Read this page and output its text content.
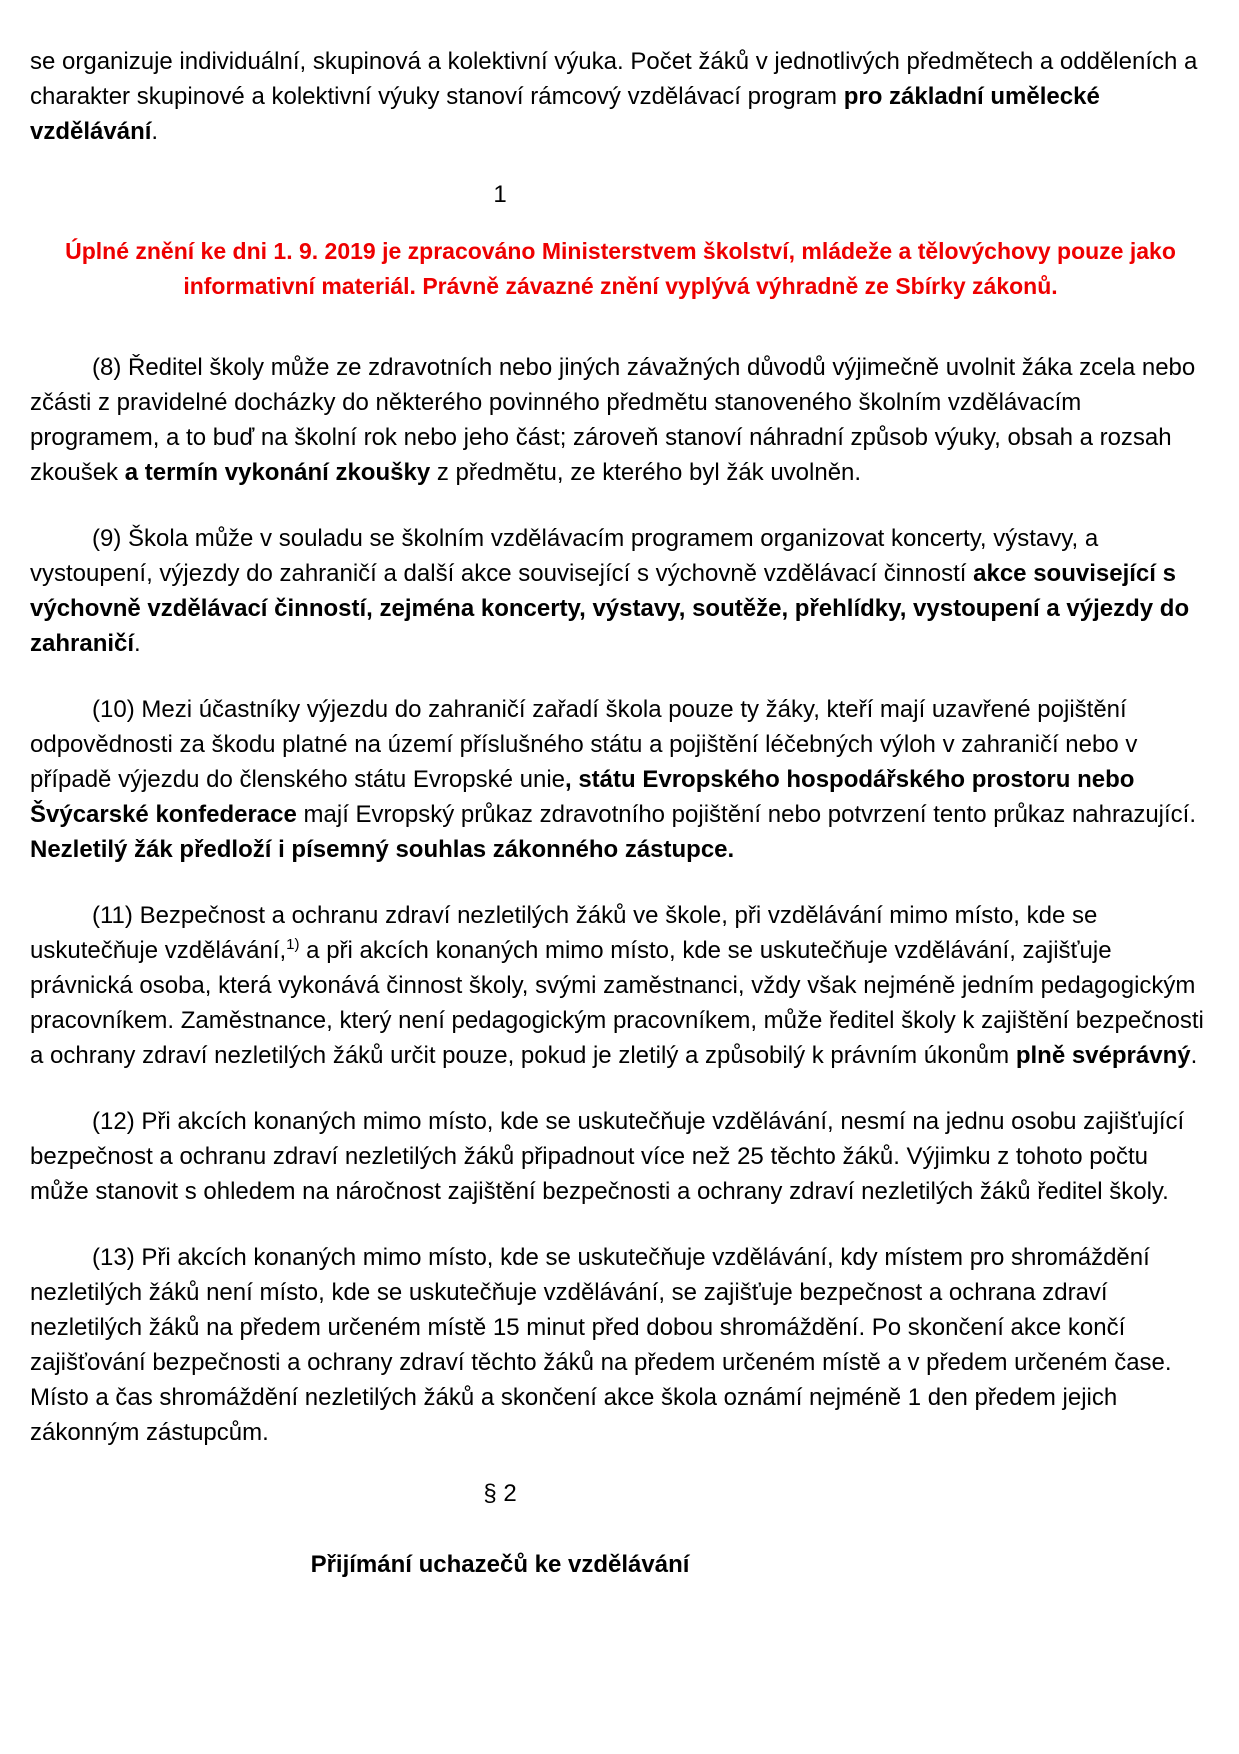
se organizuje individuální, skupinová a kolektivní výuka. Počet žáků v jednotlivých předmětech a odděleních a charakter skupinové a kolektivní výuky stanoví rámcový vzdělávací program pro základní umělecké vzdělávání.

1

Úplné znění ke dni 1. 9. 2019 je zpracováno Ministerstvem školství, mládeže a tělovýchovy pouze jako informativní materiál. Právně závazné znění vyplývá výhradně ze Sbírky zákonů.

(8) Ředitel školy může ze zdravotních nebo jiných závažných důvodů výjimečně uvolnit žáka zcela nebo zčásti z pravidelné docházky do některého povinného předmětu stanoveného školním vzdělávacím programem, a to buď na školní rok nebo jeho část; zároveň stanoví náhradní způsob výuky, obsah a rozsah zkoušek a termín vykonání zkoušky z předmětu, ze kterého byl žák uvolněn.

(9) Škola může v souladu se školním vzdělávacím programem organizovat koncerty, výstavy, a vystoupení, výjezdy do zahraničí a další akce související s výchovně vzdělávací činností akce související s výchovně vzdělávací činností, zejména koncerty, výstavy, soutěže, přehlídky, vystoupení a výjezdy do zahraničí.

(10) Mezi účastníky výjezdu do zahraničí zařadí škola pouze ty žáky, kteří mají uzavřené pojištění odpovědnosti za škodu platné na území příslušného státu a pojištění léčebných výloh v zahraničí nebo v případě výjezdu do členského státu Evropské unie, státu Evropského hospodářského prostoru nebo Švýcarské konfederace mají Evropský průkaz zdravotního pojištění nebo potvrzení tento průkaz nahrazující. Nezletilý žák předloží i písemný souhlas zákonného zástupce.

(11) Bezpečnost a ochranu zdraví nezletilých žáků ve škole, při vzdělávání mimo místo, kde se uskutečňuje vzdělávání,$^{1)}$ a při akcích konaných mimo místo, kde se uskutečňuje vzdělávání, zajišťuje právnická osoba, která vykonává činnost školy, svými zaměstnanci, vždy však nejméně jedním pedagogickým pracovníkem. Zaměstnance, který není pedagogickým pracovníkem, může ředitel školy k zajištění bezpečnosti a ochrany zdraví nezletilých žáků určit pouze, pokud je zletilý a způsobilý k právním úkonům plně svéprávný.

(12) Při akcích konaných mimo místo, kde se uskutečňuje vzdělávání, nesmí na jednu osobu zajišťující bezpečnost a ochranu zdraví nezletilých žáků připadnout více než 25 těchto žáků. Výjimku z tohoto počtu může stanovit s ohledem na náročnost zajištění bezpečnosti a ochrany zdraví nezletilých žáků ředitel školy.

(13) Při akcích konaných mimo místo, kde se uskutečňuje vzdělávání, kdy místem pro shromáždění nezletilých žáků není místo, kde se uskutečňuje vzdělávání, se zajišťuje bezpečnost a ochrana zdraví nezletilých žáků na předem určeném místě 15 minut před dobou shromáždění. Po skončení akce končí zajišťování bezpečnosti a ochrany zdraví těchto žáků na předem určeném místě a v předem určeném čase. Místo a čas shromáždění nezletilých žáků a skončení akce škola oznámí nejméně 1 den předem jejich zákonným zástupcům.

§ 2
Přijímání uchazečů ke vzdělávání
